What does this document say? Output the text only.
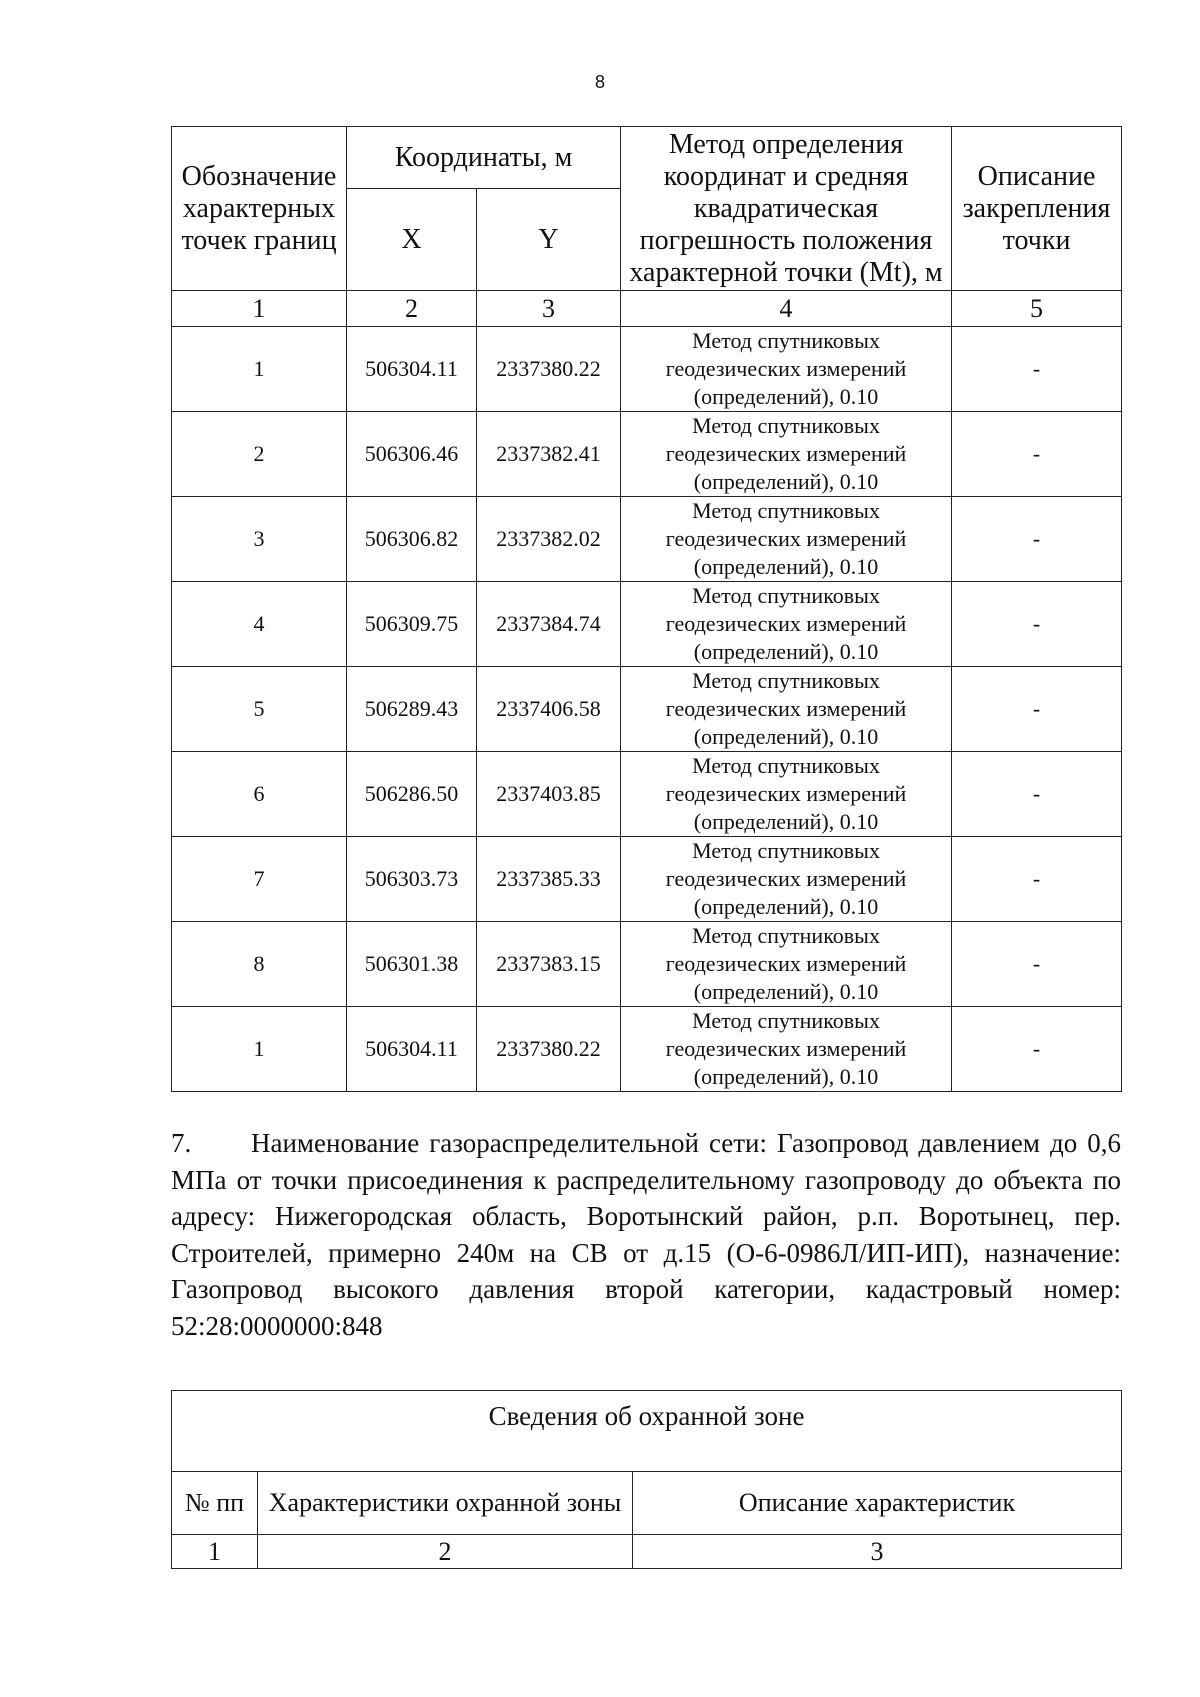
8
Обозначение характерных точек границ	Координаты, м		Метод определения координат и средняя квадратическая погрешность положения характерной точки (Mt), м	Описание закрепления точки
	X	Y		
1	2	3	4	5
1	506304.11	2337380.22	Метод спутниковых геодезических измерений (определений), 0.10	-
2	506306.46	2337382.41	Метод спутниковых геодезических измерений (определений), 0.10	-
3	506306.82	2337382.02	Метод спутниковых геодезических измерений (определений), 0.10	-
4	506309.75	2337384.74	Метод спутниковых геодезических измерений (определений), 0.10	-
5	506289.43	2337406.58	Метод спутниковых геодезических измерений (определений), 0.10	-
6	506286.50	2337403.85	Метод спутниковых геодезических измерений (определений), 0.10	-
7	506303.73	2337385.33	Метод спутниковых геодезических измерений (определений), 0.10	-
8	506301.38	2337383.15	Метод спутниковых геодезических измерений (определений), 0.10	-
1	506304.11	2337380.22	Метод спутниковых геодезических измерений (определений), 0.10	-
7. Наименование газораспределительной сети: Газопровод давлением до 0,6 МПа от точки присоединения к распределительному газопроводу до объекта по адресу: Нижегородская область, Воротынский район, р.п. Воротынец, пер. Строителей, примерно 240м на СВ от д.15 (О-6-0986Л/ИП-ИП), назначение: Газопровод высокого давления второй категории, кадастровый номер: 52:28:0000000:848
Сведения об охранной зоне		
№ пп	Характеристики охранной зоны	Описание характеристик
1	2	3
